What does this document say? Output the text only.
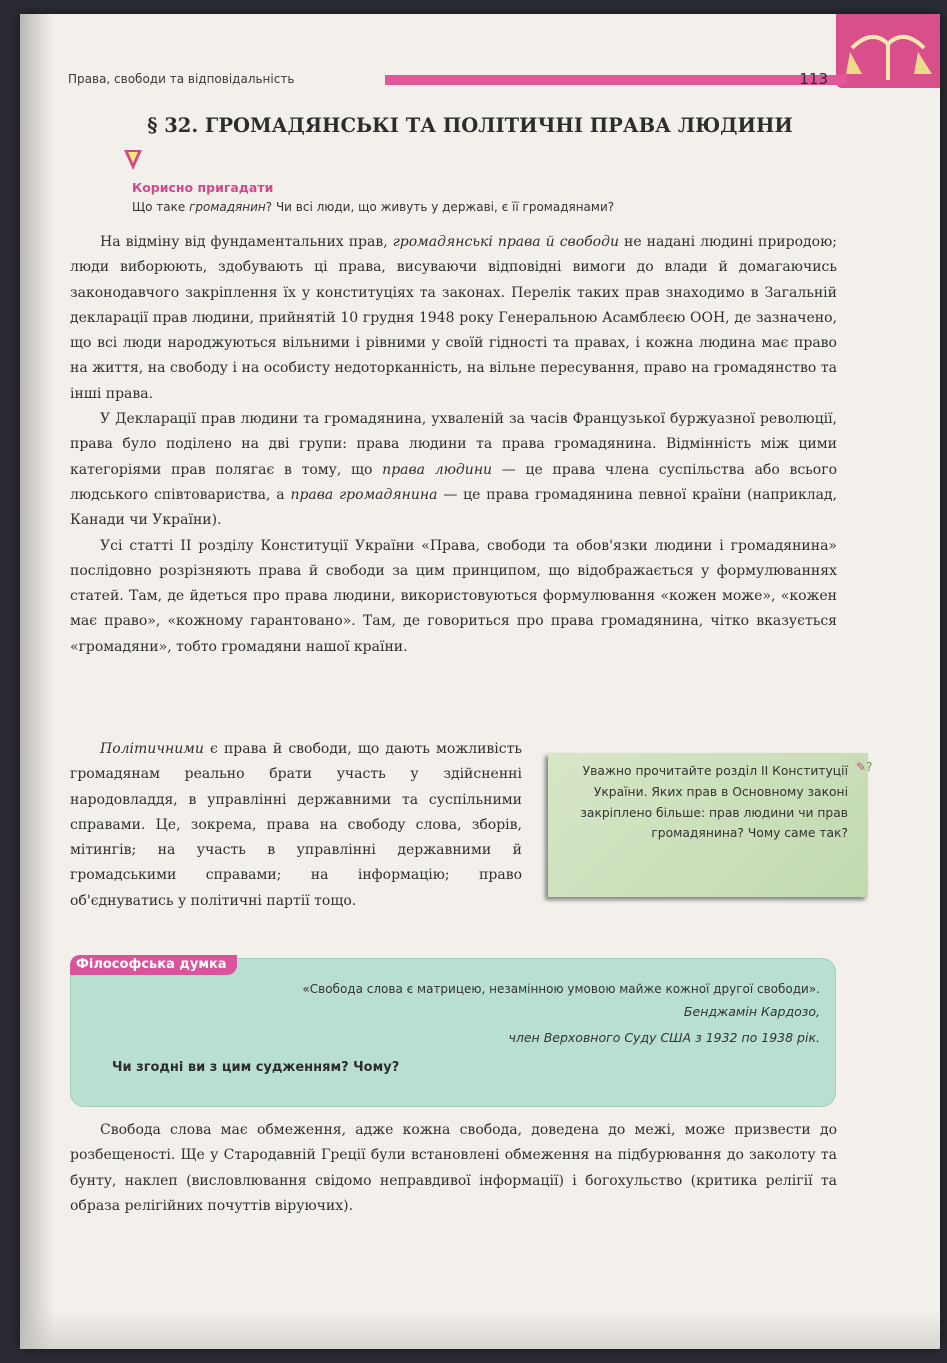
Права, свободи та відповідальність	113
§ 32. ГРОМАДЯНСЬКІ ТА ПОЛІТИЧНІ ПРАВА ЛЮДИНИ
Корисно пригадати
Що таке громадянин? Чи всі люди, що живуть у державі, є її громадянами?

На відміну від фундаментальних прав, громадянські права й свободи не надані людині природою; люди виборюють, здобувають ці права, висуваючи відповідні вимоги до влади й домагаючись законодавчого закріплення їх у конституціях та законах. Перелік таких прав знаходимо в Загальній декларації прав людини, прийнятій 10 грудня 1948 року Генеральною Асамблеєю ООН, де зазначено, що всі люди народжуються вільними і рівними у своїй гідності та правах, і кожна людина має право на життя, на свободу і на особисту недоторканність, на вільне пересування, право на громадянство та інші права.

У Декларації прав людини та громадянина, ухваленій за часів Французької буржуазної революції, права було поділено на дві групи: права людини та права громадянина. Відмінність між цими категоріями прав полягає в тому, що права людини — це права члена суспільства або всього людського співтовариства, а права громадянина — це права громадянина певної країни (наприклад, Канади чи України).

Усі статті II розділу Конституції України «Права, свободи та обов'язки людини і громадянина» послідовно розрізняють права й свободи за цим принципом, що відображається у формулюваннях статей. Там, де йдеться про права людини, використовуються формулювання «кожен може», «кожен має право», «кожному гарантовано». Там, де говориться про права громадянина, чітко вказується «громадяни», тобто громадяни нашої країни.

Політичними є права й свободи, що дають можливість громадянам реально брати участь у здійсненні народовладдя, в управлінні державними та суспільними справами. Це, зокрема, права на свободу слова, зборів, мітингів; на участь в управлінні державними й громадськими справами; на інформацію; право об'єднуватись у політичні партії тощо.

Уважно прочитайте розділ II Конституції України. Яких прав в Основному законі закріплено більше: прав людини чи прав громадянина? Чому саме так?
✎?
Філософська думка
«Свобода слова є матрицею, незамінною умовою майже кожної другої свободи».
Бенджамін Кардозо,
член Верховного Суду США з 1932 по 1938 рік.
Чи згодні ви з цим судженням? Чому?

Свобода слова має обмеження, адже кожна свобода, доведена до межі, може призвести до розбещеності. Ще у Стародавній Греції були встановлені обмеження на підбурювання до заколоту та бунту, наклеп (висловлювання свідомо неправдивої інформації) і богохульство (критика релігії та образа релігійних почуттів віруючих).
